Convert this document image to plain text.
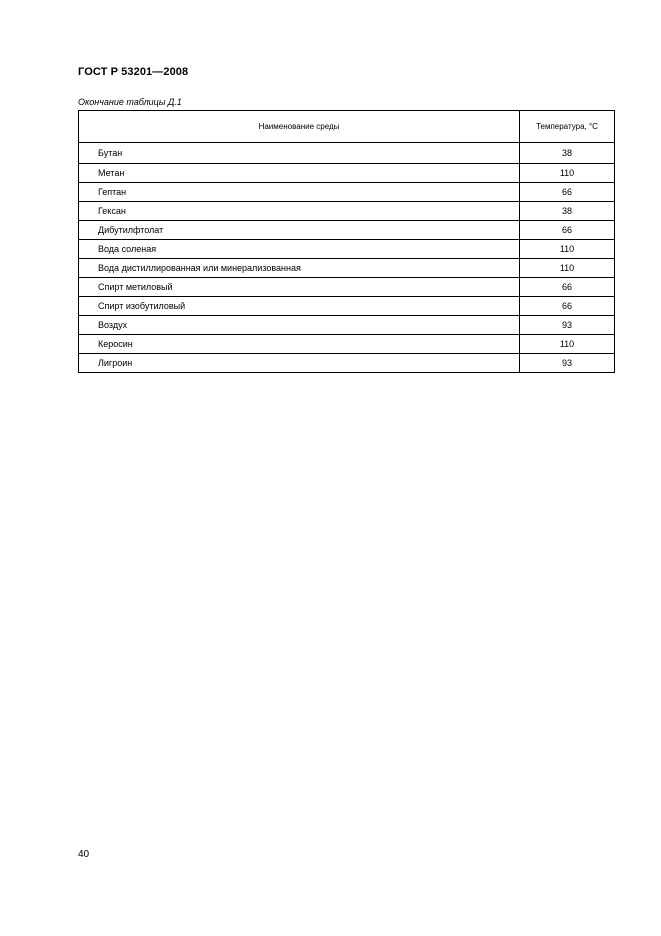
ГОСТ Р 53201—2008
Окончание таблицы Д.1
Наименование среды	Температура, °С
Бутан	38
Метан	110
Гептан	66
Гексан	38
Дибутилфтолат	66
Вода соленая	110
Вода дистиллированная или минерализованная	110
Спирт метиловый	66
Спирт изобутиловый	66
Воздух	93
Керосин	110
Лигроин	93
40
